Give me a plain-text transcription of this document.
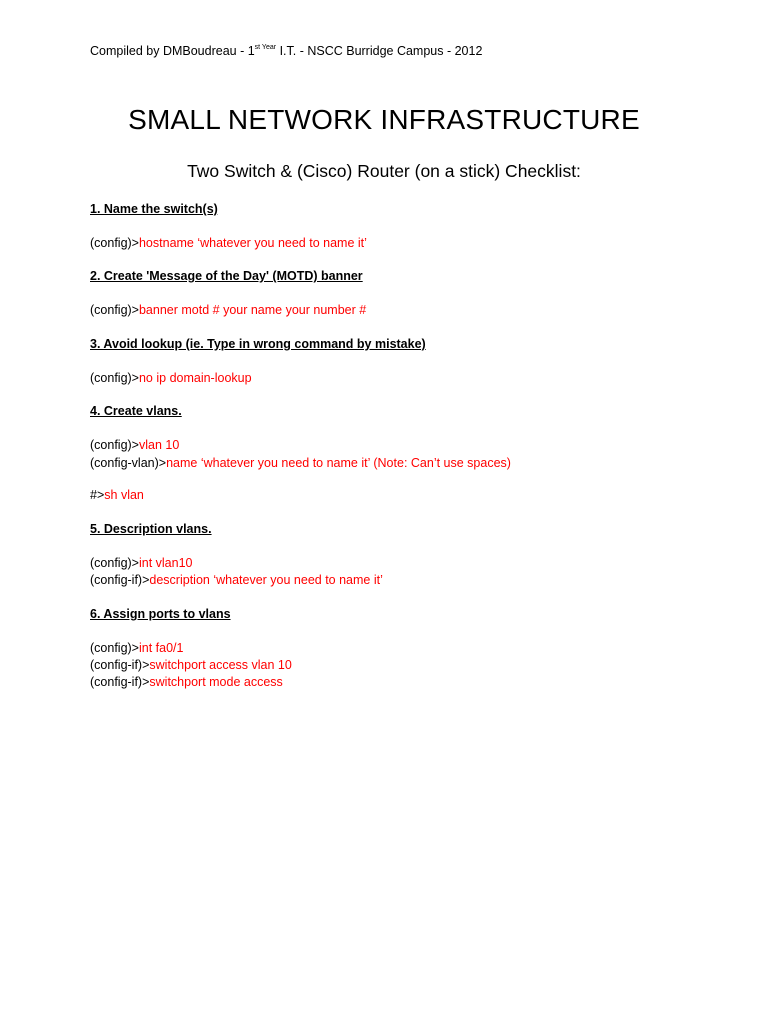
Compiled by DMBoudreau - $1^{st Year}$ I.T. - NSCC Burridge Campus - 2012
SMALL NETWORK INFRASTRUCTURE
Two Switch & (Cisco) Router (on a stick) Checklist:
1. Name the switch(s)
(config)>hostname ‘whatever you need to name it’
2. Create 'Message of the Day' (MOTD) banner
(config)>banner motd # your name your number #
3. Avoid lookup (ie. Type in wrong command by mistake)
(config)>no ip domain-lookup
4. Create vlans.
(config)>vlan 10
(config-vlan)>name ‘whatever you need to name it’ (Note: Can’t use spaces)
#>sh vlan
5. Description vlans.
(config)>int vlan10
(config-if)>description ‘whatever you need to name it’
6. Assign ports to vlans
(config)>int fa0/1
(config-if)>switchport access vlan 10
(config-if)>switchport mode access
